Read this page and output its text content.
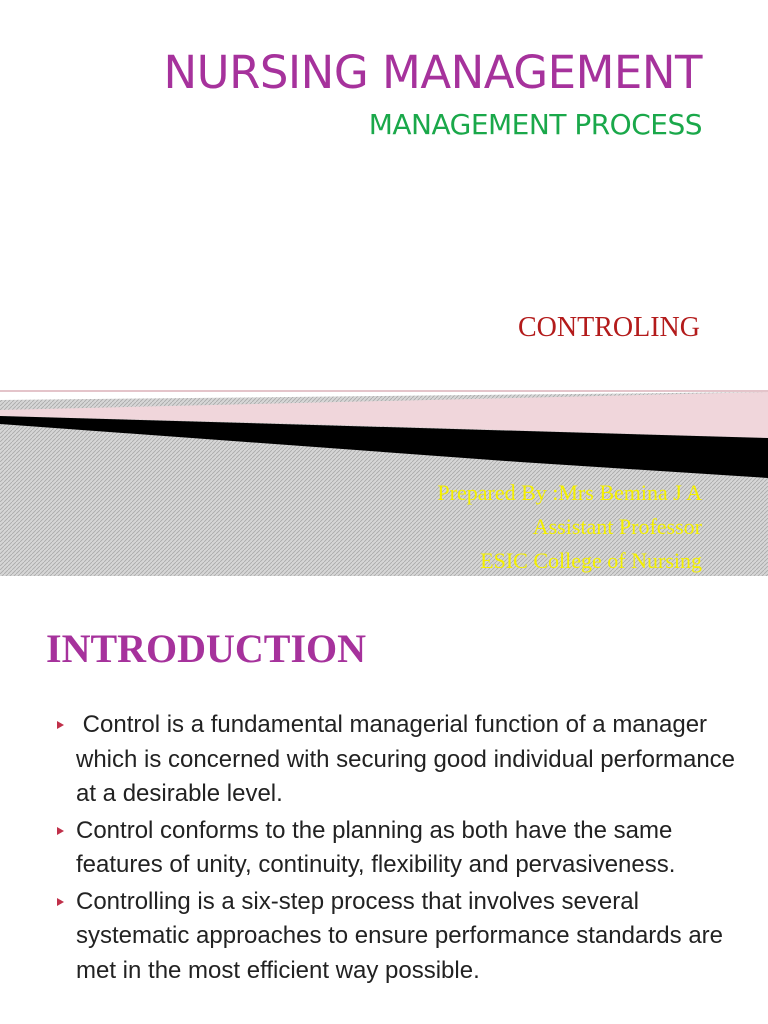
NURSING MANAGEMENT
MANAGEMENT PROCESS
CONTROLING
Prepared By :Mrs Bemina J A
Assistant Professor
ESIC College of Nursing
INTRODUCTION
Control is a fundamental managerial function of a manager which is concerned with securing good individual performance at a desirable level.
Control conforms to the planning as both have the same features of unity, continuity, flexibility and pervasiveness.
Controlling is a six-step process that involves several systematic approaches to ensure performance standards are met in the most efficient way possible.
